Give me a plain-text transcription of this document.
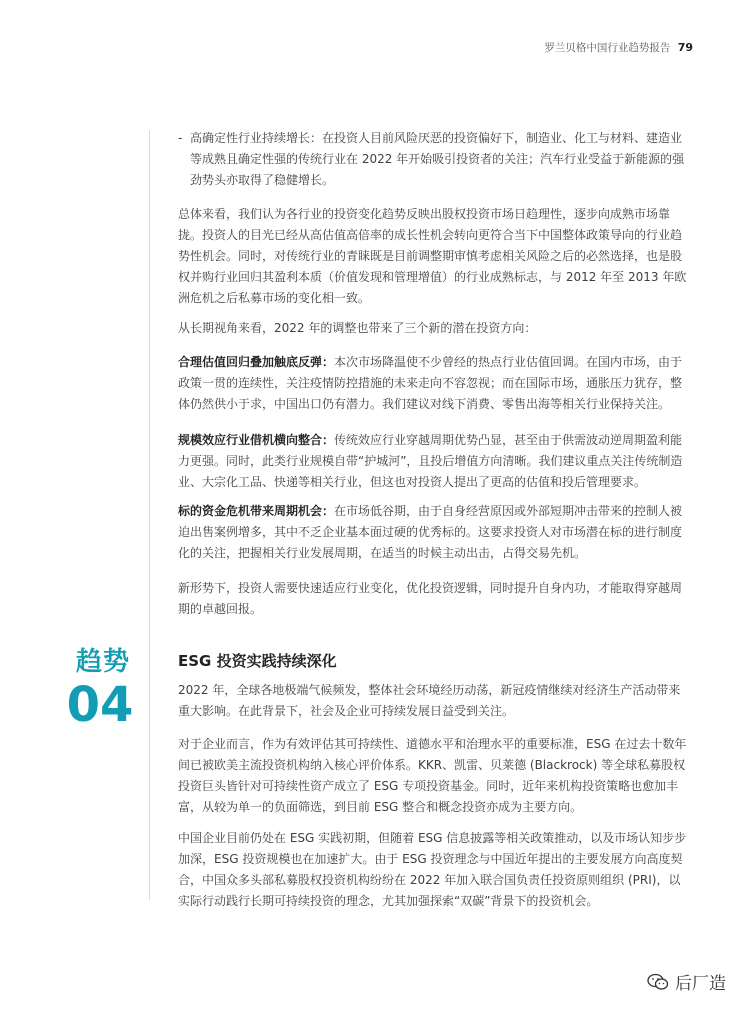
罗兰贝格中国行业趋势报告 79
- 高确定性行业持续增长：在投资人目前风险厌恶的投资偏好下，制造业、化工与材料、建造业等成熟且确定性强的传统行业在 2022 年开始吸引投资者的关注；汽车行业受益于新能源的强劲势头亦取得了稳健增长。

总体来看，我们认为各行业的投资变化趋势反映出股权投资市场日趋理性，逐步向成熟市场靠拢。投资人的目光已经从高估值高倍率的成长性机会转向更符合当下中国整体政策导向的行业趋势性机会。同时，对传统行业的青睐既是目前调整期审慎考虑相关风险之后的必然选择，也是股权并购行业回归其盈利本质（价值发现和管理增值）的行业成熟标志，与 2012 年至 2013 年欧洲危机之后私募市场的变化相一致。

从长期视角来看，2022 年的调整也带来了三个新的潜在投资方向：

合理估值回归叠加触底反弹：本次市场降温使不少曾经的热点行业估值回调。在国内市场，由于政策一贯的连续性，关注疫情防控措施的未来走向不容忽视；而在国际市场，通胀压力犹存，整体仍然供小于求，中国出口仍有潜力。我们建议对线下消费、零售出海等相关行业保持关注。

规模效应行业借机横向整合：传统效应行业穿越周期优势凸显，甚至由于供需波动逆周期盈利能力更强。同时，此类行业规模自带“护城河”，且投后增值方向清晰。我们建议重点关注传统制造业、大宗化工品、快递等相关行业，但这也对投资人提出了更高的估值和投后管理要求。

标的资金危机带来周期机会：在市场低谷期，由于自身经营原因或外部短期冲击带来的控制人被迫出售案例增多，其中不乏企业基本面过硬的优秀标的。这要求投资人对市场潜在标的进行制度化的关注，把握相关行业发展周期，在适当的时候主动出击，占得交易先机。

新形势下，投资人需要快速适应行业变化，优化投资逻辑，同时提升自身内功，才能取得穿越周期的卓越回报。

趋势
04
ESG 投资实践持续深化

2022 年，全球各地极端气候频发，整体社会环境经历动荡，新冠疫情继续对经济生产活动带来重大影响。在此背景下，社会及企业可持续发展日益受到关注。

对于企业而言，作为有效评估其可持续性、道德水平和治理水平的重要标准，ESG 在过去十数年间已被欧美主流投资机构纳入核心评价体系。KKR、凯雷、贝莱德 (Blackrock) 等全球私募股权投资巨头皆针对可持续性资产成立了 ESG 专项投资基金。同时，近年来机构投资策略也愈加丰富，从较为单一的负面筛选，到目前 ESG 整合和概念投资亦成为主要方向。

中国企业目前仍处在 ESG 实践初期，但随着 ESG 信息披露等相关政策推动，以及市场认知步步加深，ESG 投资规模也在加速扩大。由于 ESG 投资理念与中国近年提出的主要发展方向高度契合，中国众多头部私募股权投资机构纷纷在 2022 年加入联合国负责任投资原则组织 (PRI)，以实际行动践行长期可持续投资的理念，尤其加强探索“双碳”背景下的投资机会。

后厂造
